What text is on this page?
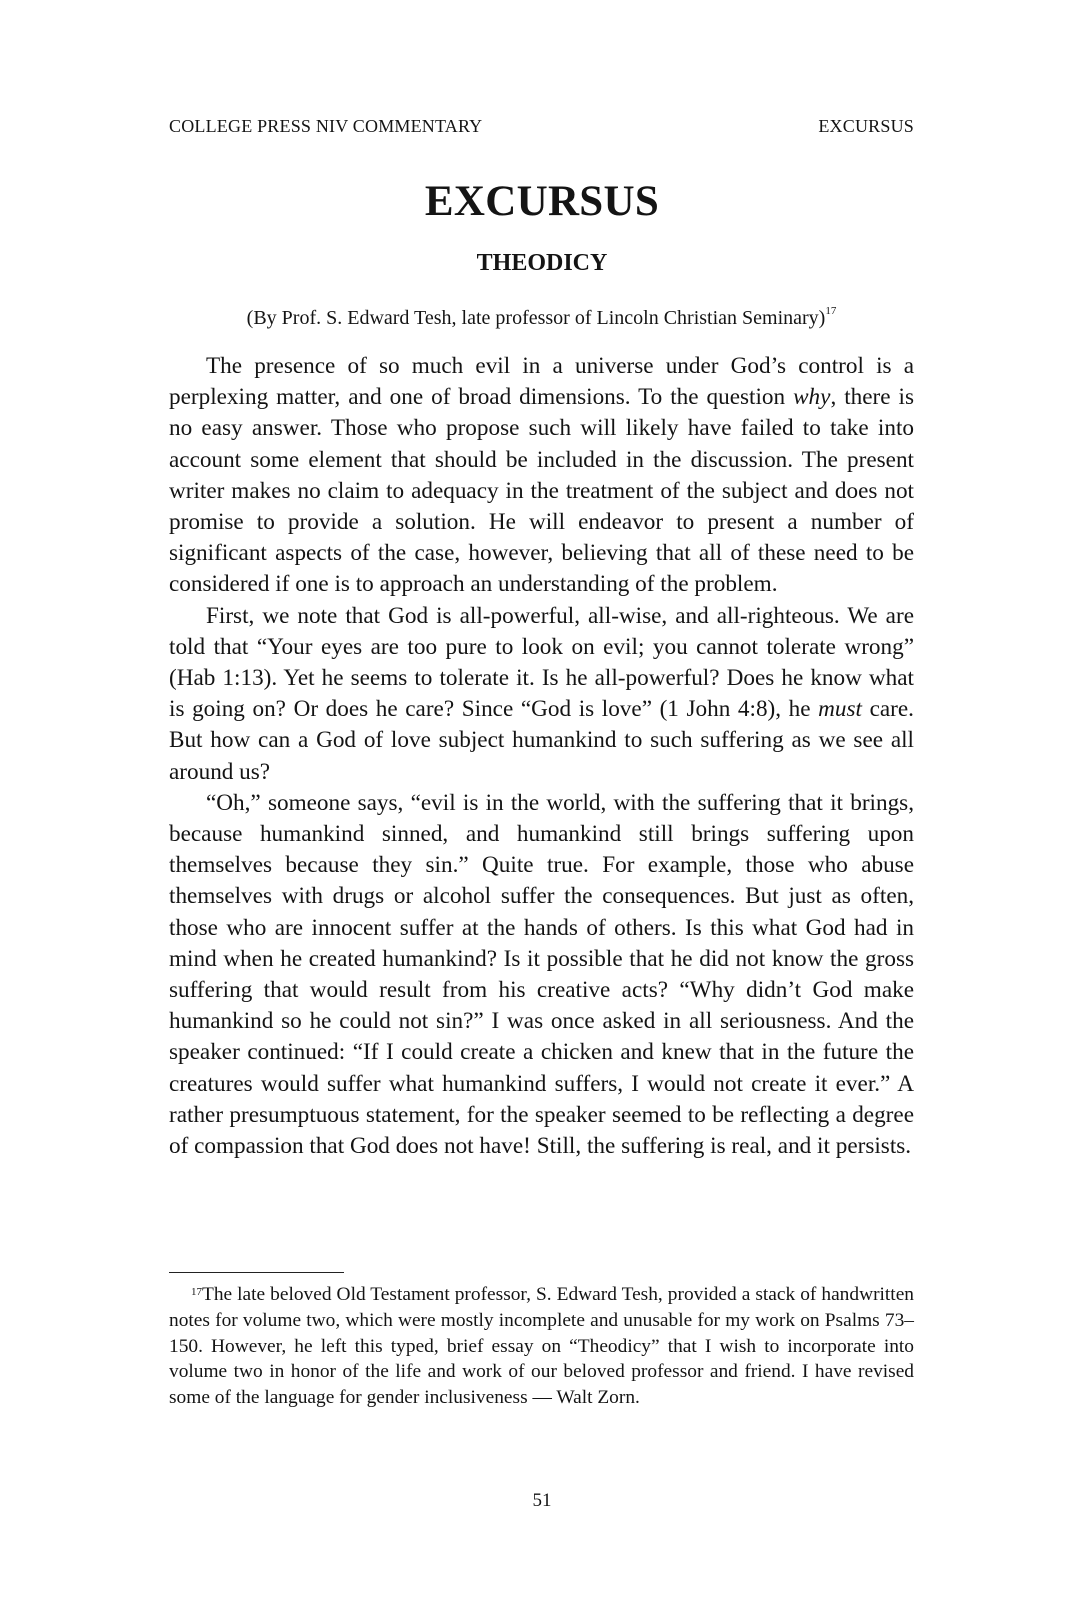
COLLEGE PRESS NIV COMMENTARY	EXCURSUS
EXCURSUS
THEODICY
(By Prof. S. Edward Tesh, late professor of Lincoln Christian Seminary)$^{17}$

The presence of so much evil in a universe under God’s control is a perplexing matter, and one of broad dimensions. To the question why, there is no easy answer. Those who propose such will likely have failed to take into account some element that should be included in the discussion. The present writer makes no claim to adequacy in the treatment of the subject and does not promise to provide a solution. He will endeavor to present a number of significant aspects of the case, however, believing that all of these need to be considered if one is to approach an understanding of the problem.

First, we note that God is all-powerful, all-wise, and all-righteous. We are told that “Your eyes are too pure to look on evil; you cannot tolerate wrong” (Hab 1:13). Yet he seems to tolerate it. Is he all-powerful? Does he know what is going on? Or does he care? Since “God is love” (1 John 4:8), he must care. But how can a God of love subject humankind to such suffering as we see all around us?

“Oh,” someone says, “evil is in the world, with the suffering that it brings, because humankind sinned, and humankind still brings suffering upon themselves because they sin.” Quite true. For example, those who abuse themselves with drugs or alcohol suffer the consequences. But just as often, those who are innocent suffer at the hands of others. Is this what God had in mind when he created humankind? Is it possible that he did not know the gross suffering that would result from his creative acts? “Why didn’t God make humankind so he could not sin?” I was once asked in all seriousness. And the speaker continued: “If I could create a chicken and knew that in the future the creatures would suffer what humankind suffers, I would not create it ever.” A rather presumptuous statement, for the speaker seemed to be reflecting a degree of compassion that God does not have! Still, the suffering is real, and it persists.

$^{17}$The late beloved Old Testament professor, S. Edward Tesh, provided a stack of handwritten notes for volume two, which were mostly incomplete and unusable for my work on Psalms 73–150. However, he left this typed, brief essay on “Theodicy” that I wish to incorporate into volume two in honor of the life and work of our beloved professor and friend. I have revised some of the language for gender inclusiveness — Walt Zorn.

51
